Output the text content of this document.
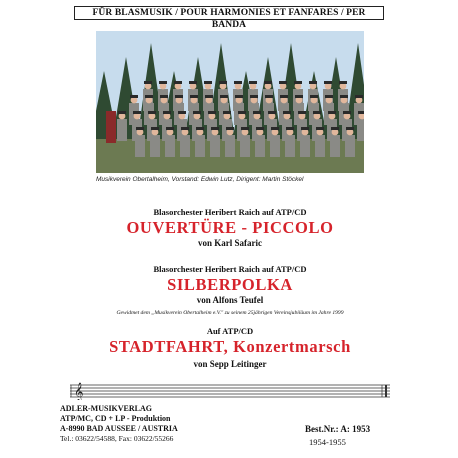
FÜR BLASMUSIK / POUR HARMONIES ET FANFARES / PER BANDA
Musikverein Obertalheim, Vorstand: Edwin Lutz, Dirigent: Martin Stöckel
Blasorchester Heribert Raich auf ATP/CD
OUVERTÜRE - PICCOLO
von Karl Safaric
Blasorchester Heribert Raich auf ATP/CD
SILBERPOLKA
von Alfons Teufel
Gewidmet dem „Musikverein Obertalheim e.V." zu seinem 25jährigen Vereinsjubiläum im Jahre 1999
Auf ATP/CD
STADTFAHRT, Konzertmarsch
von Sepp Leitinger
𝄞
ADLER-MUSIKVERLAG
ATP/MC, CD + LP - Produktion
A-8990 BAD AUSSEE / AUSTRIA
Tel.: 03622/54588, Fax: 03622/55266
Best.Nr.: A: 1953
1954-1955
